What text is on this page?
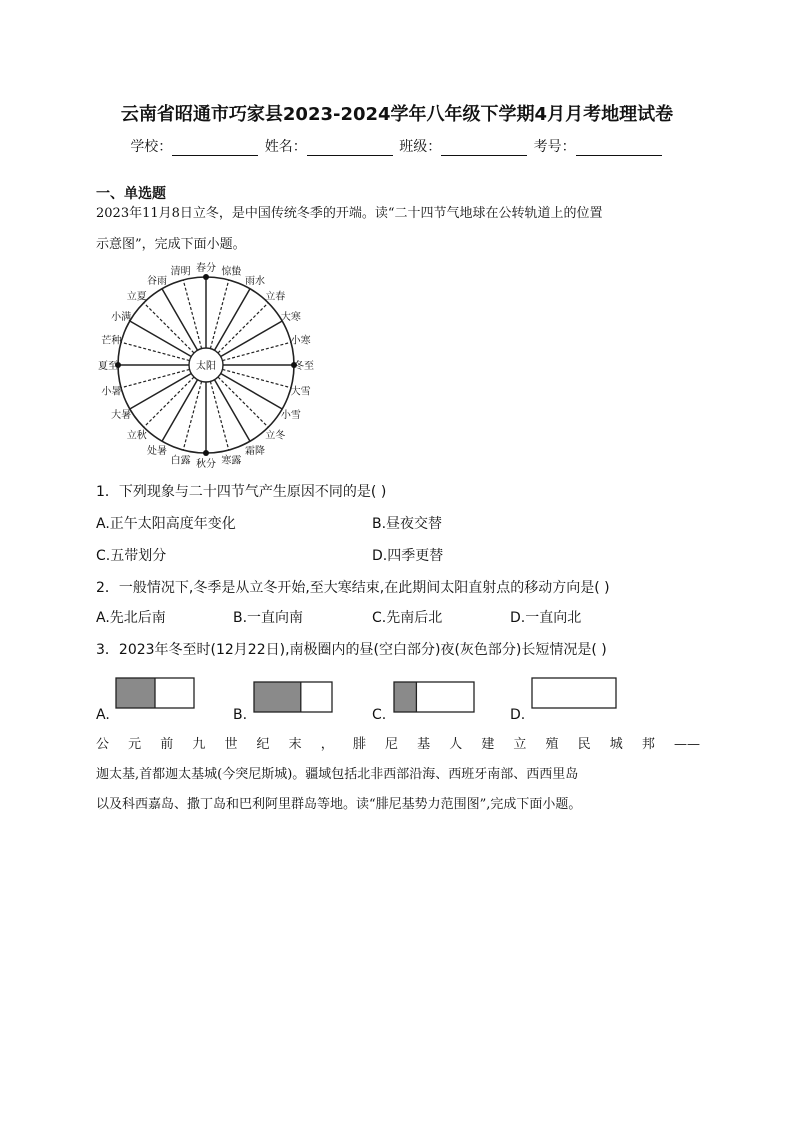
云南省昭通市巧家县2023-2024学年八年级下学期4月月考地理试卷
学校：	姓名：	班级：	考号：
一、单选题
2023年11月8日立冬，是中国传统冬季的开端。读“二十四节气地球在公转轨道上的位置
示意图”，完成下面小题。
春分 惊蛰
雨水
立春
大寒
小寒
冬至
大雪
小雪
立冬
霜降
寒露
秋分
白露
处暑
立秋
大暑
小暑
夏至
芒种
小满
立夏
谷雨
清明
太阳
1．下列现象与二十四节气产生原因不同的是( )
A.正午太阳高度年变化	B.昼夜交替
C.五带划分	D.四季更替
2．一般情况下,冬季是从立冬开始,至大寒结束,在此期间太阳直射点的移动方向是( )
A.先北后南	B.一直向南	C.先南后北	D.一直向北
3．2023年冬至时(12月22日),南极圈内的昼(空白部分)夜(灰色部分)长短情况是( )
A.	B.	C.	D.
公 元 前 九 世 纪 末 ， 腓 尼 基 人 建 立 殖 民 城 邦 ——
迦太基,首都迦太基城(今突尼斯城)。疆域包括北非西部沿海、西班牙南部、西西里岛
以及科西嘉岛、撒丁岛和巴利阿里群岛等地。读“腓尼基势力范围图”,完成下面小题。
